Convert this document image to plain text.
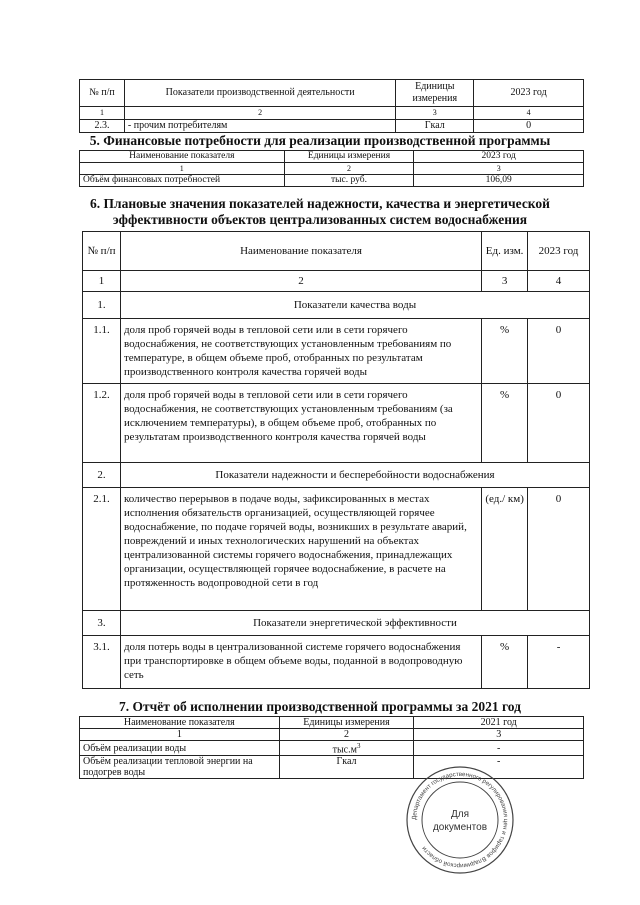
№ п/п	Показатели производственной деятельности	Единицы измерения	2023 год
1	2	3	4
2.3.	- прочим потребителям	Гкал	0
5. Финансовые потребности для реализации производственной программы
Наименование показателя	Единицы измерения	2023 год
1	2	3
Объём финансовых потребностей	тыс. руб.	106,09
6. Плановые значения показателей надежности, качества и энергетической
эффективности объектов централизованных систем водоснабжения
№ п/п	Наименование показателя	Ед. изм.	2023 год
1	2	3	4
1.	Показатели качества воды		
1.1.	доля проб горячей воды в тепловой сети или в сети горячего водоснабжения, не соответствующих установленным требованиям по температуре, в общем объеме проб, отобранных по результатам производственного контроля качества горячей воды	%	0
1.2.	доля проб горячей воды в тепловой сети или в сети горячего водоснабжения, не соответствующих установленным требованиям (за исключением температуры), в общем объеме проб, отобранных по результатам производственного контроля качества горячей воды	%	0
2.	Показатели надежности и бесперебойности водоснабжения		
2.1.	количество перерывов в подаче воды, зафиксированных в местах исполнения обязательств организацией, осуществляющей горячее водоснабжение, по подаче горячей воды, возникших в результате аварий, повреждений и иных технологических нарушений на объектах централизованной системы горячего водоснабжения, принадлежащих организации, осуществляющей горячее водоснабжение, в расчете на протяженность водопроводной сети в год	(ед./ км)	0
3.	Показатели энергетической эффективности		
3.1.	доля потерь воды в централизованной системе горячего водоснабжения при транспортировке в общем объеме воды, поданной в водопроводную сеть	%	-
7. Отчёт об исполнении производственной программы за 2021 год
Наименование показателя	Единицы измерения	2021 год
1	2	3
Объём реализации воды	$тыс.м^3$	-
Объём реализации тепловой энергии на подогрев воды	Гкал	-
Департамент государственного регулирования цен и тарифов Владимирской области
Для
документов
